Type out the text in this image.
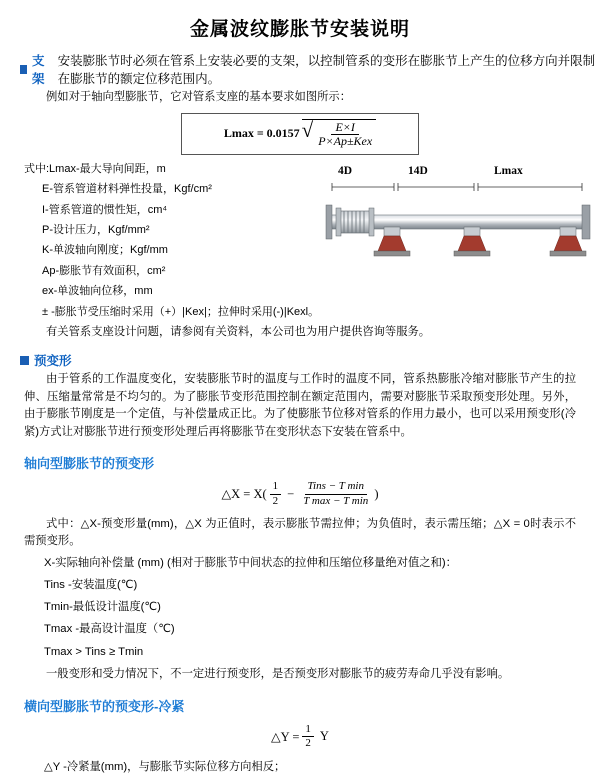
金属波纹膨胀节安装说明
支架
安装膨胀节时必须在管系上安装必要的支架，以控制管系的变形在膨胀节上产生的位移方向并限制在膨胀节的额定位移范围内。
例如对于轴向型膨胀节，它对管系支座的基本要求如图所示：
Lmax = 0.0157 √ $\frac{E\times I}{\text{P×Ap±Kex}}$
式中:Lmax-最大导向间距，m
E-管系管道材料弹性投量，Kgf/cm²
I-管系管道的惯性矩，cm⁴
P-设计压力，Kgf/mm²
K-单波轴向刚度；Kgf/mm
Ap-膨胀节有效面积，cm²
ex-单波轴向位移，mm
± -膨胀节受压缩时采用（+）|Kex|；拉伸时采用(-)|Kexl。
4D	14D	Lmax
有关管系支座设计问题，请参阅有关资料，本公司也为用户提供咨询等服务。
预变形
由于管系的工作温度变化，安装膨胀节时的温度与工作时的温度不同，管系热膨胀冷缩对膨胀节产生的拉伸、压缩量常常是不均匀的。为了膨胀节变形范围控制在额定范围内，需要对膨胀节采取预变形处理。另外，由于膨胀节刚度是一个定值，与补偿量成正比。为了使膨胀节位移对管系的作用力最小，也可以采用预变形(冷紧)方式让对膨胀节进行预变形处理后再将膨胀节在变形状态下安装在管系中。
轴向型膨胀节的预变形
△X = $X( \frac{1}{2} - \frac{\text{Tins − T min}}{\text{T max − T min}}$ )
式中：△X-预变形量(mm)，△X 为正值时，表示膨胀节需拉伸；为负值时，表示需压缩；△X = 0时表示不需预变形。
X-实际轴向补偿量 (mm) (相对于膨胀节中间状态的拉伸和压缩位移量绝对值之和)：
Tins -安装温度(℃)
Tmin-最低设计温度(℃)
Tmax -最高设计温度（℃)
Tmax > Tins ≥ Tmin
一般变形和受力情况下，不一定进行预变形，是否预变形对膨胀节的疲劳寿命几乎没有影响。
横向型膨胀节的预变形-冷紧
△Y = $\frac{1}{2}$ Y
△Y -冷紧量(mm)，与膨胀节实际位移方向相反；
